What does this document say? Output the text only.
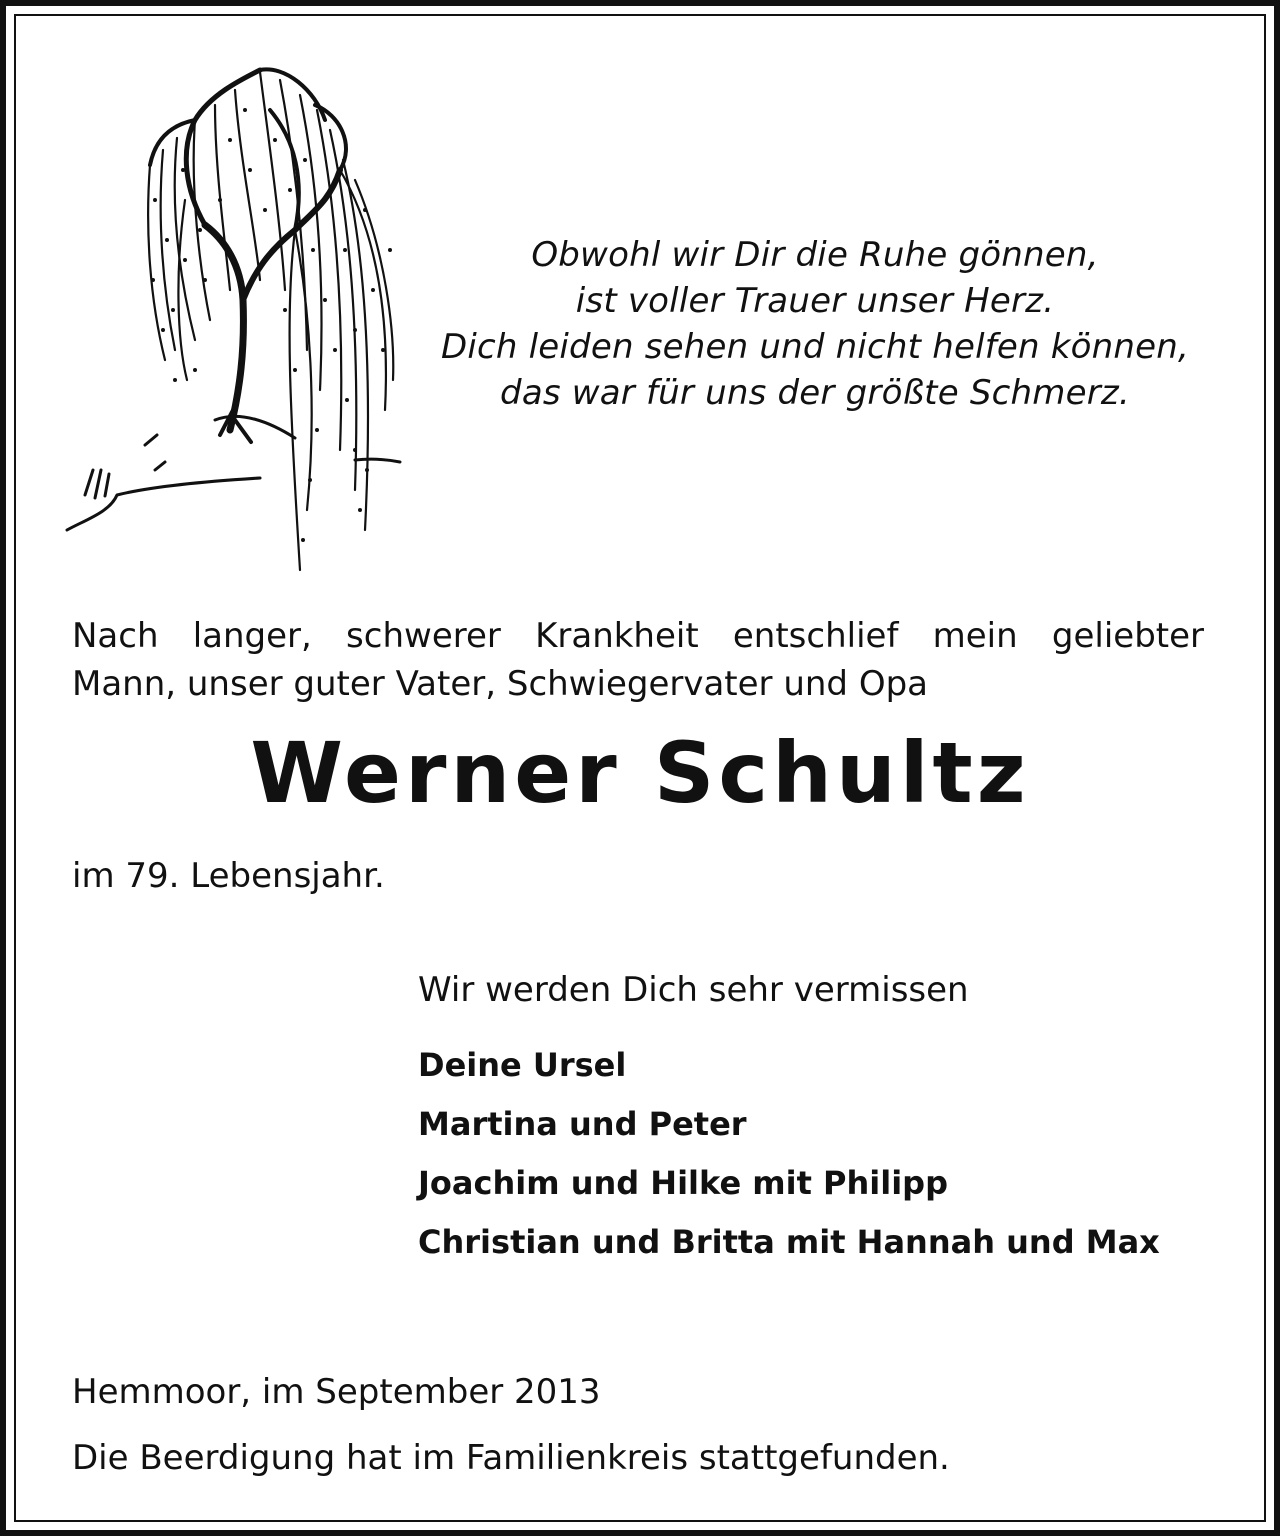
Obwohl wir Dir die Ruhe gönnen,
ist voller Trauer unser Herz.
Dich leiden sehen und nicht helfen können,
das war für uns der größte Schmerz.
Nach langer, schwerer Krankheit entschlief mein geliebter
Mann, unser guter Vater, Schwiegervater und Opa
Werner Schultz
im 79. Lebensjahr.
Wir werden Dich sehr vermissen
Deine Ursel
Martina und Peter
Joachim und Hilke mit Philipp
Christian und Britta mit Hannah und Max
Hemmoor, im September 2013
Die Beerdigung hat im Familienkreis stattgefunden.
